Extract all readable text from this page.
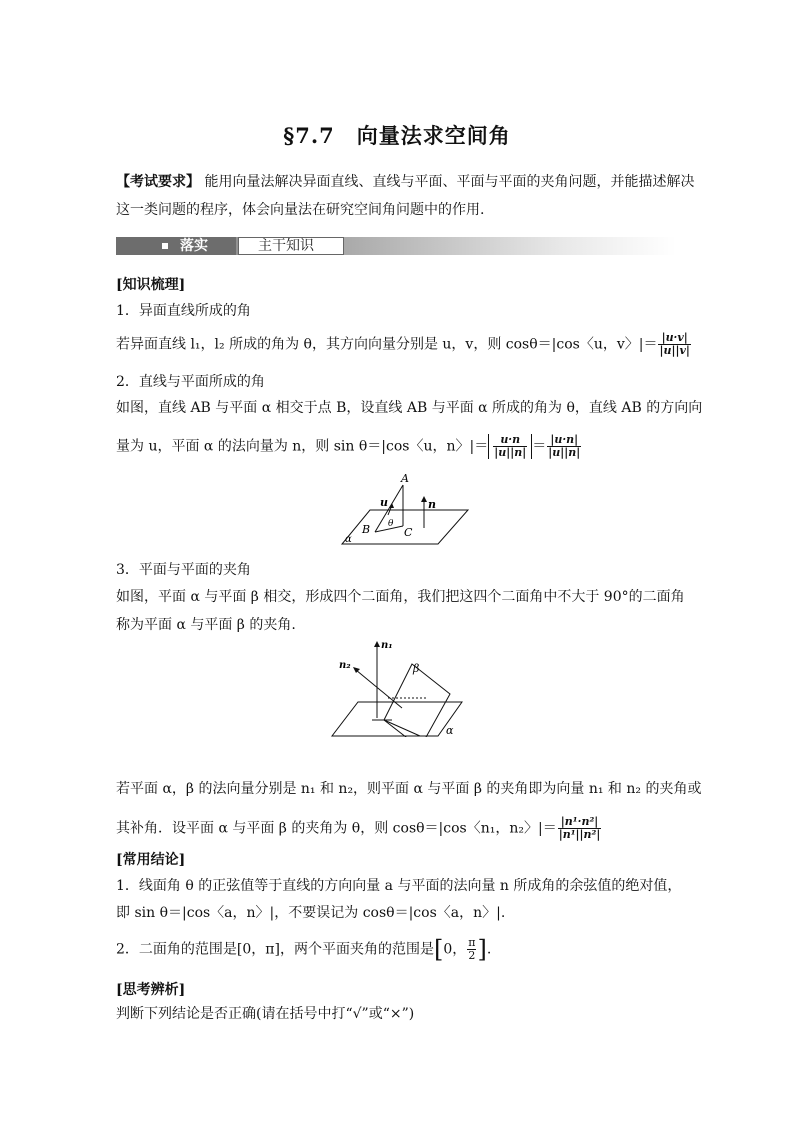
§7.7　向量法求空间角
【考试要求】 能用向量法解决异面直线、直线与平面、平面与平面的夹角问题，并能描述解决
这一类问题的程序，体会向量法在研究空间角问题中的作用.
落实	主干知识
[知识梳理]
1．异面直线所成的角
若异面直线 l₁，l₂ 所成的角为 θ，其方向向量分别是 u，v，则 cosθ＝|cos〈u，v〉|＝ $\frac{|u\cdot v|}{|u||v|}$
2．直线与平面所成的角
如图，直线 AB 与平面 α 相交于点 B，设直线 AB 与平面 α 所成的角为 θ，直线 AB 的方向向
量为 u，平面 α 的法向量为 n，则 sin θ＝|cos〈u，n〉|＝ $\frac{u\cdot n}{|u||n|} = \frac{|u\cdot n|}{|u||n|}$
A
B	C
u	n
θ
α
3．平面与平面的夹角
如图，平面 α 与平面 β 相交，形成四个二面角，我们把这四个二面角中不大于 90°的二面角
称为平面 α 与平面 β 的夹角.
n₁
n₂	β
α
若平面 α，β 的法向量分别是 n₁ 和 n₂，则平面 α 与平面 β 的夹角即为向量 n₁ 和 n₂ 的夹角或
其补角．设平面 α 与平面 β 的夹角为 θ，则 cosθ＝|cos〈n₁，n₂〉|＝ $\frac{\text{|n¹·n²|}}{\text{|n¹||n²|}}$
[常用结论]
1．线面角 θ 的正弦值等于直线的方向向量 a 与平面的法向量 n 所成角的余弦值的绝对值，
即 sin θ＝|cos〈a，n〉|，不要误记为 cosθ＝|cos〈a，n〉|.
2．二面角的范围是[0，π]，两个平面夹角的范围是[0， $\frac{\pi}{2}$ ].
[思考辨析]
判断下列结论是否正确(请在括号中打“√”或“×”)
